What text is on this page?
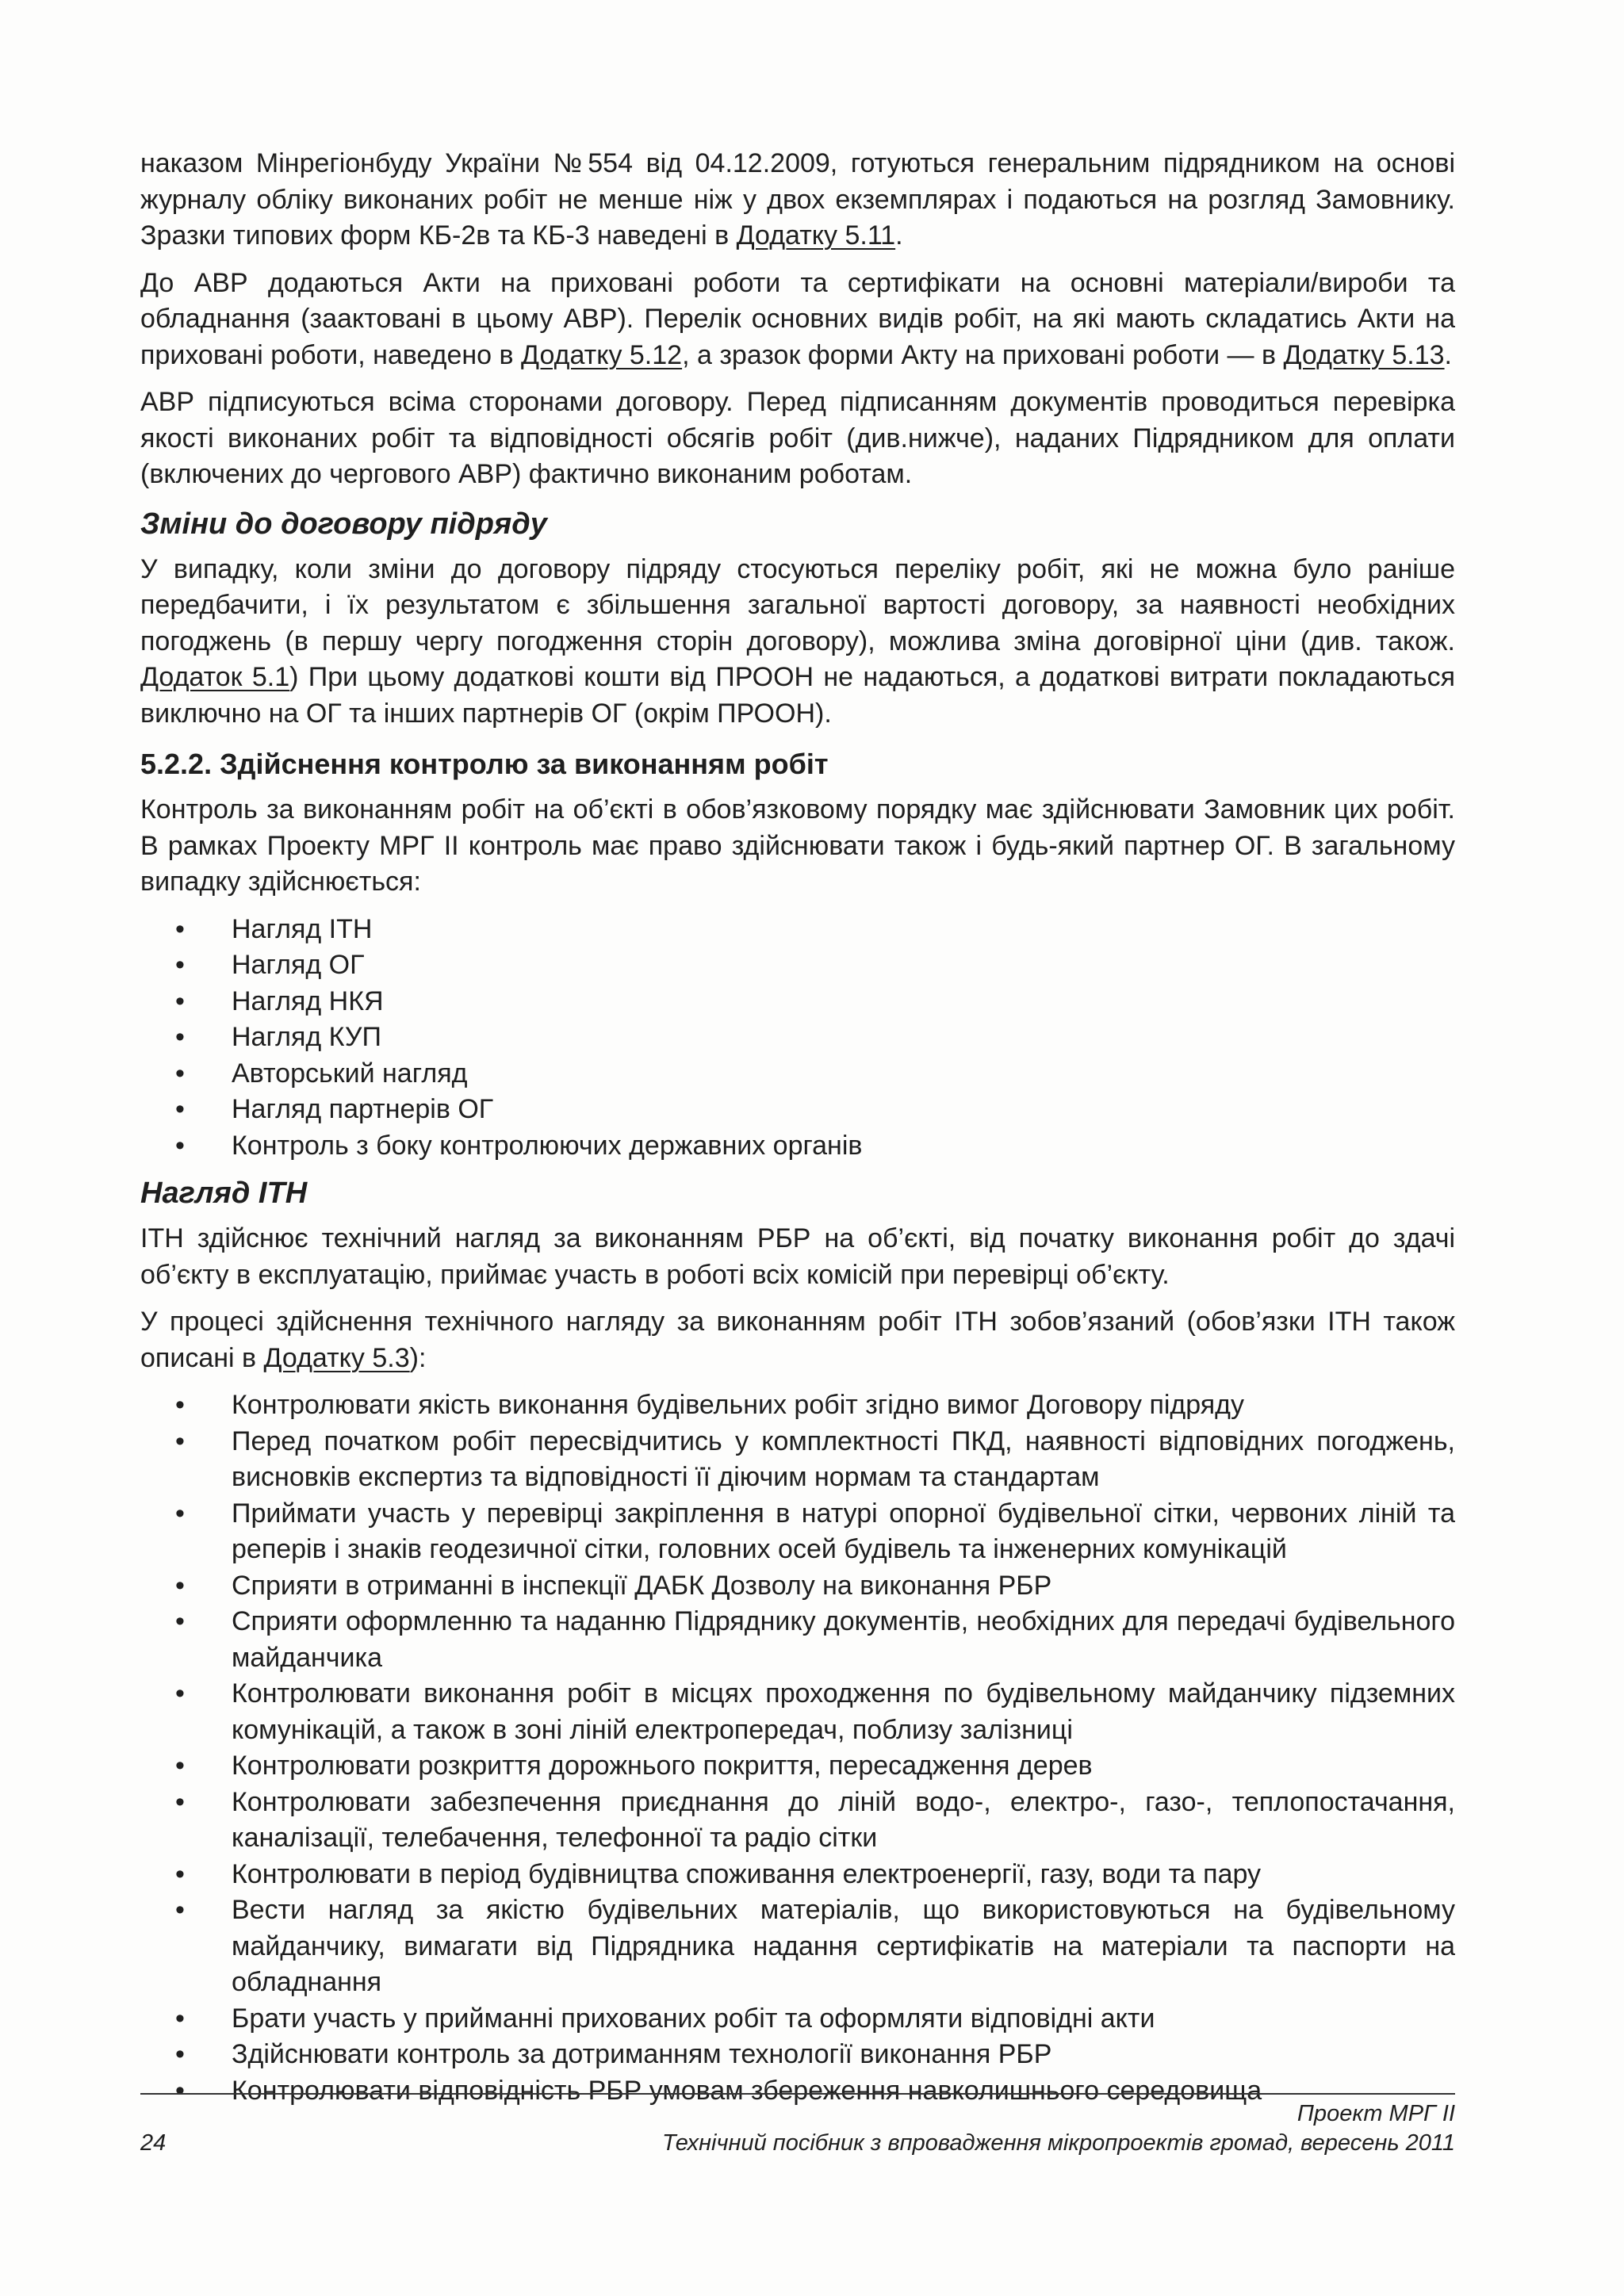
наказом Мінрегіонбуду України №554 від 04.12.2009, готуються генеральним підрядником на основі журналу обліку виконаних робіт не менше ніж у двох екземплярах і подаються на розгляд Замовнику. Зразки типових форм КБ-2в та КБ-3 наведені в Додатку 5.11.

До АВР додаються Акти на приховані роботи та сертифікати на основні матеріали/вироби та обладнання (заактовані в цьому АВР). Перелік основних видів робіт, на які мають складатись Акти на приховані роботи, наведено в Додатку 5.12, а зразок форми Акту на приховані роботи — в Додатку 5.13.

АВР підписуються всіма сторонами договору. Перед підписанням документів проводиться перевірка якості виконаних робіт та відповідності обсягів робіт (див.нижче), наданих Підрядником для оплати (включених до чергового АВР) фактично виконаним роботам.

Зміни до договору підряду

У випадку, коли зміни до договору підряду стосуються переліку робіт, які не можна було раніше передбачити, і їх результатом є збільшення загальної вартості договору, за наявності необхідних погоджень (в першу чергу погодження сторін договору), можлива зміна договірної ціни (див. також. Додаток 5.1) При цьому додаткові кошти від ПРООН не надаються, а додаткові витрати покладаються виключно на ОГ та інших партнерів ОГ (окрім ПРООН).

5.2.2. Здійснення контролю за виконанням робіт

Контроль за виконанням робіт на об’єкті в обов’язковому порядку має здійснювати Замовник цих робіт. В рамках Проекту МРГ ІІ контроль має право здійснювати також і будь-який партнер ОГ. В загальному випадку здійснюється:

• Нагляд ІТН
• Нагляд ОГ
• Нагляд НКЯ
• Нагляд КУП
• Авторський нагляд
• Нагляд партнерів ОГ
• Контроль з боку контролюючих державних органів
Нагляд ІТН

ІТН здійснює технічний нагляд за виконанням РБР на об’єкті, від початку виконання робіт до здачі об’єкту в експлуатацію, приймає участь в роботі всіх комісій при перевірці об’єкту.

У процесі здійснення технічного нагляду за виконанням робіт ІТН зобов’язаний (обов’язки ІТН також описані в Додатку 5.3):

• Контролювати якість виконання будівельних робіт згідно вимог Договору підряду
• Перед початком робіт пересвідчитись у комплектності ПКД, наявності відповідних погоджень, висновків експертиз та відповідності її діючим нормам та стандартам
• Приймати участь у перевірці закріплення в натурі опорної будівельної сітки, червоних ліній та реперів і знаків геодезичної сітки, головних осей будівель та інженерних комунікацій
• Сприяти в отриманні в інспекції ДАБК Дозволу на виконання РБР
• Сприяти оформленню та наданню Підряднику документів, необхідних для передачі будівельного майданчика
• Контролювати виконання робіт в місцях проходження по будівельному майданчику підземних комунікацій, а також в зоні ліній електропередач, поблизу залізниці
• Контролювати розкриття дорожнього покриття, пересадження дерев
• Контролювати забезпечення приєднання до ліній водо-, електро-, газо-, теплопостачання, каналізації, телебачення, телефонної та радіо сітки
• Контролювати в період будівництва споживання електроенергії, газу, води та пару
• Вести нагляд за якістю будівельних матеріалів, що використовуються на будівельному майданчику, вимагати від Підрядника надання сертифікатів на матеріали та паспорти на обладнання
• Брати участь у прийманні прихованих робіт та оформляти відповідні акти
• Здійснювати контроль за дотриманням технології виконання РБР
• Контролювати відповідність РБР умовам збереження навколишнього середовища
Проект МРГ ІІ
Технічний посібник з впровадження мікропроектів громад, вересень 2011
24
